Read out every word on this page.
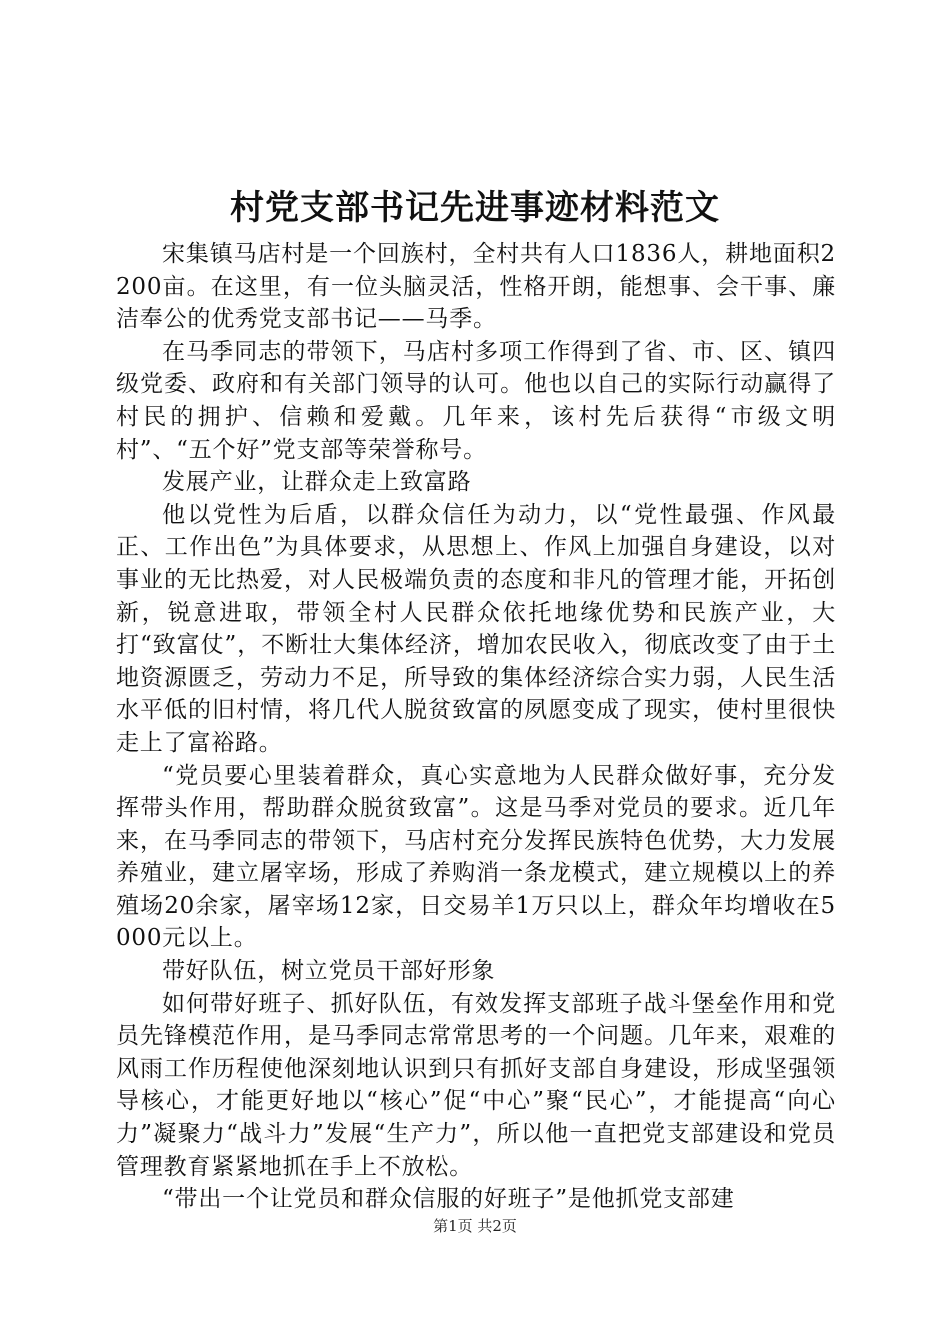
村党支部书记先进事迹材料范文

宋集镇马店村是一个回族村，全村共有人口1836人，耕地面积2200亩。在这里，有一位头脑灵活，性格开朗，能想事、会干事、廉洁奉公的优秀党支部书记——马季。

在马季同志的带领下，马店村多项工作得到了省、市、区、镇四级党委、政府和有关部门领导的认可。他也以自己的实际行动赢得了村民的拥护、信赖和爱戴。几年来，该村先后获得“市级文明村”、“五个好”党支部等荣誉称号。

发展产业，让群众走上致富路

他以党性为后盾，以群众信任为动力，以“党性最强、作风最正、工作出色”为具体要求，从思想上、作风上加强自身建设，以对事业的无比热爱，对人民极端负责的态度和非凡的管理才能，开拓创新，锐意进取，带领全村人民群众依托地缘优势和民族产业，大打“致富仗”，不断壮大集体经济，增加农民收入，彻底改变了由于土地资源匮乏，劳动力不足，所导致的集体经济综合实力弱，人民生活水平低的旧村情，将几代人脱贫致富的夙愿变成了现实，使村里很快走上了富裕路。

“党员要心里装着群众，真心实意地为人民群众做好事，充分发挥带头作用，帮助群众脱贫致富”。这是马季对党员的要求。近几年来，在马季同志的带领下，马店村充分发挥民族特色优势，大力发展养殖业，建立屠宰场，形成了养购消一条龙模式，建立规模以上的养殖场20余家，屠宰场12家，日交易羊1万只以上，群众年均增收在5000元以上。

带好队伍，树立党员干部好形象

如何带好班子、抓好队伍，有效发挥支部班子战斗堡垒作用和党员先锋模范作用，是马季同志常常思考的一个问题。几年来，艰难的风雨工作历程使他深刻地认识到只有抓好支部自身建设，形成坚强领导核心，才能更好地以“核心”促“中心”聚“民心”，才能提高“向心力”凝聚力“战斗力”发展“生产力”，所以他一直把党支部建设和党员管理教育紧紧地抓在手上不放松。

“带出一个让党员和群众信服的好班子”是他抓党支部建

第1页 共2页
